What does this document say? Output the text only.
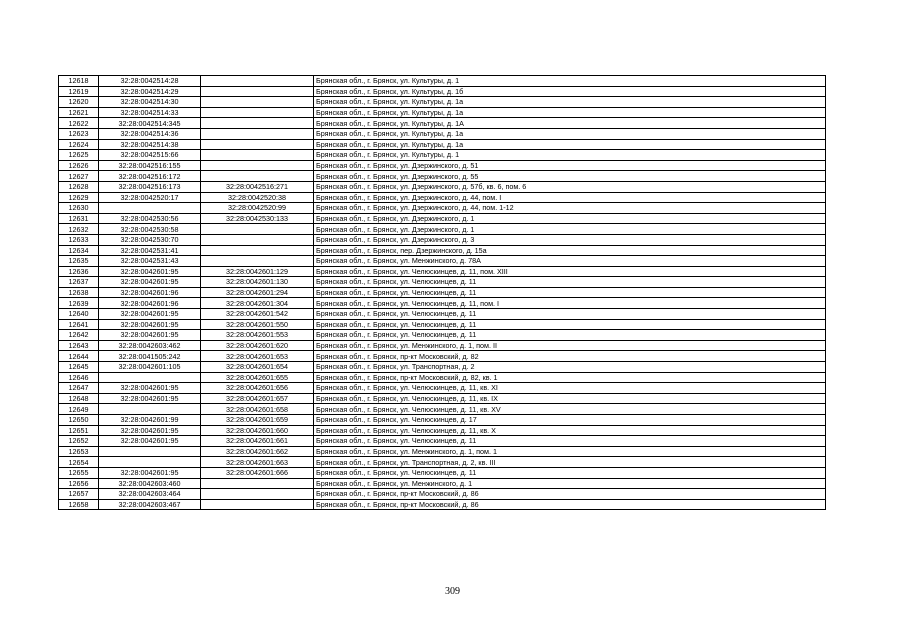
12618	32:28:0042514:28		Брянская обл., г. Брянск, ул. Культуры, д. 1
12619	32:28:0042514:29		Брянская обл., г. Брянск, ул. Культуры, д. 1б
12620	32:28:0042514:30		Брянская обл., г. Брянск, ул. Культуры, д. 1а
12621	32:28:0042514:33		Брянская обл., г. Брянск, ул. Культуры, д. 1а
12622	32:28:0042514:345		Брянская обл., г. Брянск, ул. Культуры, д. 1А
12623	32:28:0042514:36		Брянская обл., г. Брянск, ул. Культуры, д. 1а
12624	32:28:0042514:38		Брянская обл., г. Брянск, ул. Культуры, д. 1а
12625	32:28:0042515:66		Брянская обл., г. Брянск, ул. Культуры, д. 1
12626	32:28:0042516:155		Брянская обл., г. Брянск, ул. Дзержинского, д. 51
12627	32:28:0042516:172		Брянская обл., г. Брянск, ул. Дзержинского, д. 55
12628	32:28:0042516:173	32:28:0042516:271	Брянская обл., г. Брянск, ул. Дзержинского, д. 57б, кв. 6, пом. 6
12629	32:28:0042520:17	32:28:0042520:38	Брянская обл., г. Брянск, ул. Дзержинского, д. 44, пом. I
12630		32:28:0042520:99	Брянская обл., г. Брянск, ул. Дзержинского, д. 44, пом. 1-12
12631	32:28:0042530:56	32:28:0042530:133	Брянская обл., г. Брянск, ул. Дзержинского, д. 1
12632	32:28:0042530:58		Брянская обл., г. Брянск, ул. Дзержинского, д. 1
12633	32:28:0042530:70		Брянская обл., г. Брянск, ул. Дзержинского, д. 3
12634	32:28:0042531:41		Брянская обл., г. Брянск, пер. Дзержинского, д. 15а
12635	32:28:0042531:43		Брянская обл., г. Брянск, ул. Менжинского, д. 78А
12636	32:28:0042601:95	32:28:0042601:129	Брянская обл., г. Брянск, ул. Челюскинцев, д. 11, пом. XIII
12637	32:28:0042601:95	32:28:0042601:130	Брянская обл., г. Брянск, ул. Челюскинцев, д. 11
12638	32:28:0042601:96	32:28:0042601:294	Брянская обл., г. Брянск, ул. Челюскинцев, д. 11
12639	32:28:0042601:96	32:28:0042601:304	Брянская обл., г. Брянск, ул. Челюскинцев, д. 11, пом. I
12640	32:28:0042601:95	32:28:0042601:542	Брянская обл., г. Брянск, ул. Челюскинцев, д. 11
12641	32:28:0042601:95	32:28:0042601:550	Брянская обл., г. Брянск, ул. Челюскинцев, д. 11
12642	32:28:0042601:95	32:28:0042601:553	Брянская обл., г. Брянск, ул. Челюскинцев, д. 11
12643	32:28:0042603:462	32:28:0042601:620	Брянская обл., г. Брянск, ул. Менжинского, д. 1, пом. II
12644	32:28:0041505:242	32:28:0042601:653	Брянская обл., г. Брянск, пр-кт Московский, д. 82
12645	32:28:0042601:105	32:28:0042601:654	Брянская обл., г. Брянск, ул. Транспортная, д. 2
12646		32:28:0042601:655	Брянская обл., г. Брянск, пр-кт Московский, д. 82, кв. 1
12647	32:28:0042601:95	32:28:0042601:656	Брянская обл., г. Брянск, ул. Челюскинцев, д. 11, кв. XI
12648	32:28:0042601:95	32:28:0042601:657	Брянская обл., г. Брянск, ул. Челюскинцев, д. 11, кв. IX
12649		32:28:0042601:658	Брянская обл., г. Брянск, ул. Челюскинцев, д. 11, кв. XV
12650	32:28:0042601:99	32:28:0042601:659	Брянская обл., г. Брянск, ул. Челюскинцев, д. 17
12651	32:28:0042601:95	32:28:0042601:660	Брянская обл., г. Брянск, ул. Челюскинцев, д. 11, кв. X
12652	32:28:0042601:95	32:28:0042601:661	Брянская обл., г. Брянск, ул. Челюскинцев, д. 11
12653		32:28:0042601:662	Брянская обл., г. Брянск, ул. Менжинского, д. 1, пом. 1
12654		32:28:0042601:663	Брянская обл., г. Брянск, ул. Транспортная, д. 2, кв. III
12655	32:28:0042601:95	32:28:0042601:666	Брянская обл., г. Брянск, ул. Челюскинцев, д. 11
12656	32:28:0042603:460		Брянская обл., г. Брянск, ул. Менжинского, д. 1
12657	32:28:0042603:464		Брянская обл., г. Брянск, пр-кт Московский, д. 86
12658	32:28:0042603:467		Брянская обл., г. Брянск, пр-кт Московский, д. 86
309
